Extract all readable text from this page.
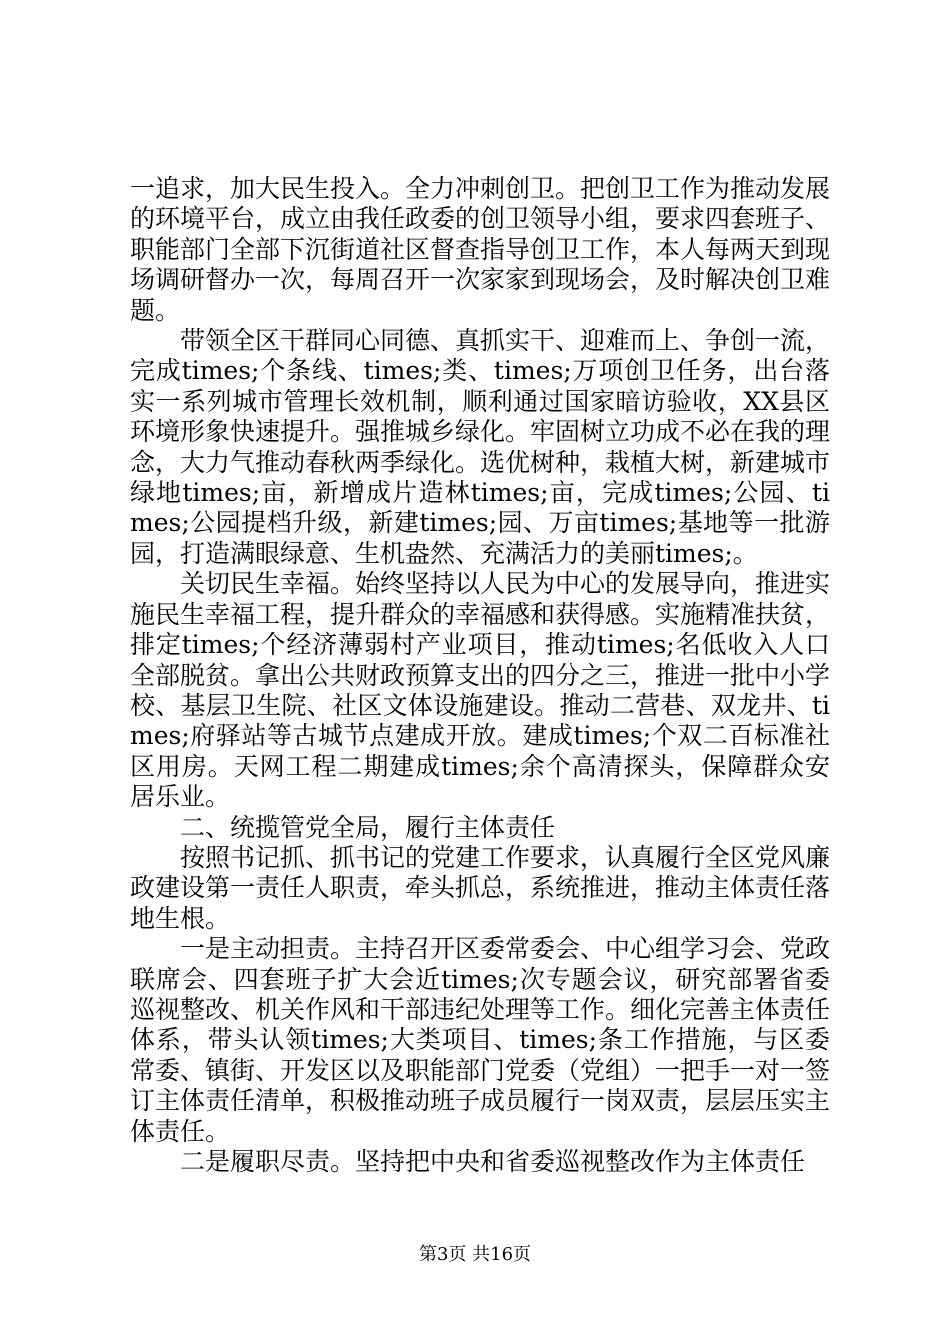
一追求，加大民生投入。全力冲刺创卫。把创卫工作为推动发展的环境平台，成立由我任政委的创卫领导小组，要求四套班子、职能部门全部下沉街道社区督查指导创卫工作，本人每两天到现场调研督办一次，每周召开一次家家到现场会，及时解决创卫难题。

带领全区干群同心同德、真抓实干、迎难而上、争创一流，完成times;个条线、times;类、times;万项创卫任务，出台落实一系列城市管理长效机制，顺利通过国家暗访验收，XX县区环境形象快速提升。强推城乡绿化。牢固树立功成不必在我的理念，大力气推动春秋两季绿化。选优树种，栽植大树，新建城市绿地times;亩，新增成片造林times;亩，完成times;公园、times;公园提档升级，新建times;园、万亩times;基地等一批游园，打造满眼绿意、生机盎然、充满活力的美丽times;。

关切民生幸福。始终坚持以人民为中心的发展导向，推进实施民生幸福工程，提升群众的幸福感和获得感。实施精准扶贫，排定times;个经济薄弱村产业项目，推动times;名低收入人口全部脱贫。拿出公共财政预算支出的四分之三，推进一批中小学校、基层卫生院、社区文体设施建设。推动二营巷、双龙井、times;府驿站等古城节点建成开放。建成times;个双二百标准社区用房。天网工程二期建成times;余个高清探头，保障群众安居乐业。

二、统揽管党全局，履行主体责任

按照书记抓、抓书记的党建工作要求，认真履行全区党风廉政建设第一责任人职责，牵头抓总，系统推进，推动主体责任落地生根。

一是主动担责。主持召开区委常委会、中心组学习会、党政联席会、四套班子扩大会近times;次专题会议，研究部署省委巡视整改、机关作风和干部违纪处理等工作。细化完善主体责任体系，带头认领times;大类项目、times;条工作措施，与区委常委、镇街、开发区以及职能部门党委（党组）一把手一对一签订主体责任清单，积极推动班子成员履行一岗双责，层层压实主体责任。

二是履职尽责。坚持把中央和省委巡视整改作为主体责任

第3页 共16页
